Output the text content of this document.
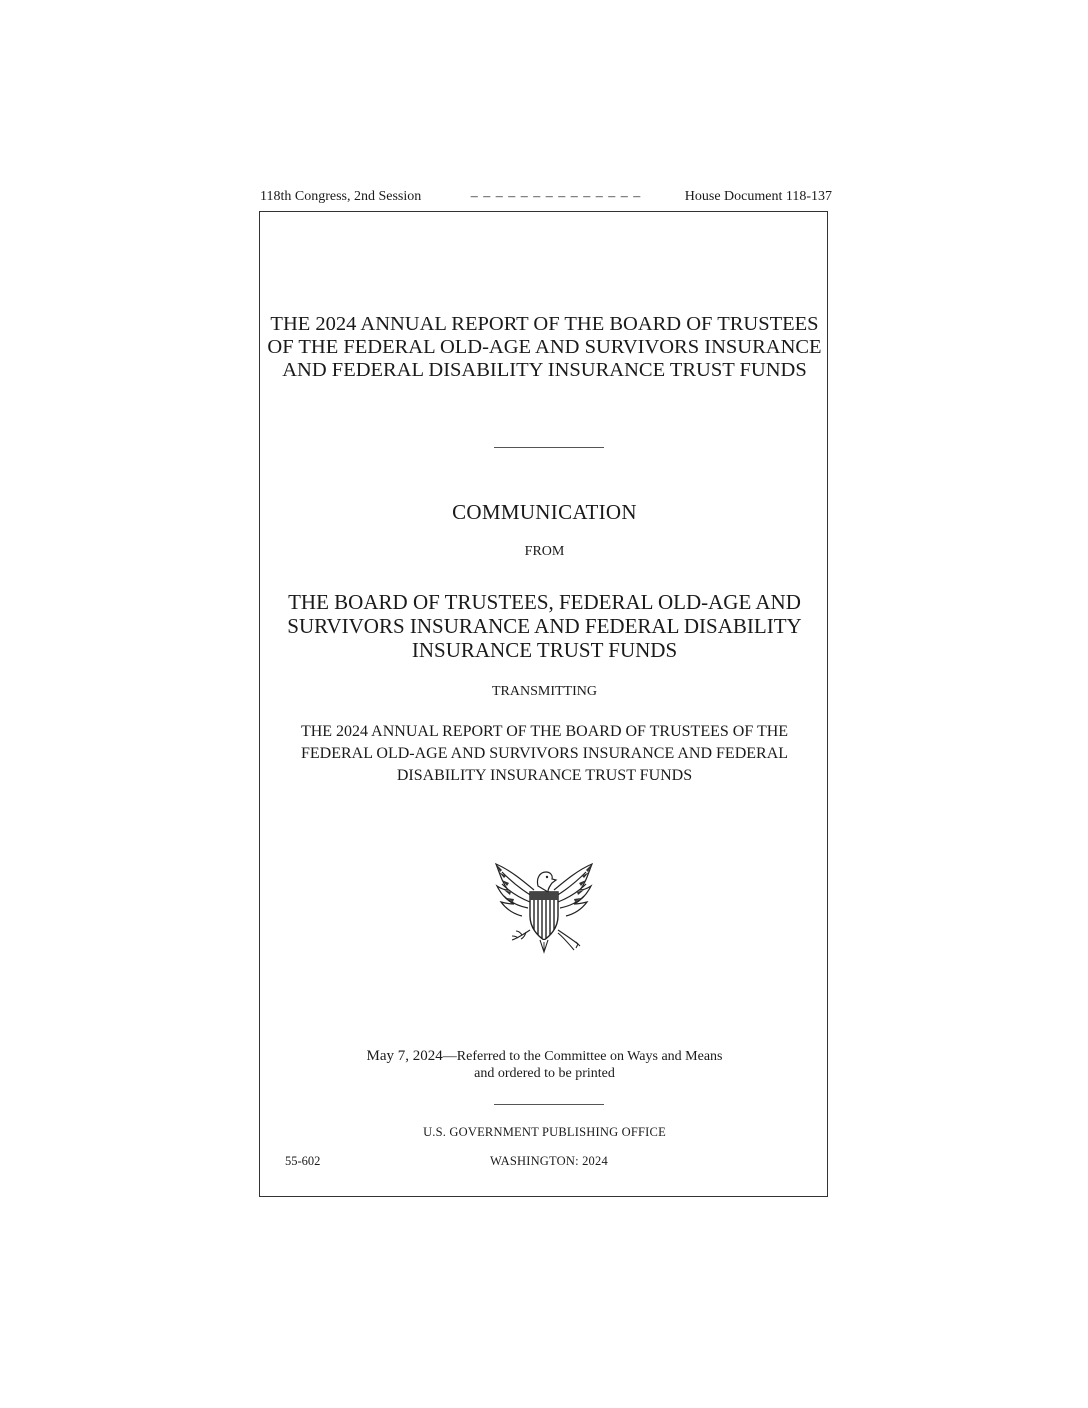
118th Congress, 2nd Session	– – – – – – – – – – – – – –	House Document 118-137
THE 2024 ANNUAL REPORT OF THE BOARD OF TRUSTEES OF THE FEDERAL OLD-AGE AND SURVIVORS INSURANCE AND FEDERAL DISABILITY INSURANCE TRUST FUNDS
COMMUNICATION
FROM
THE BOARD OF TRUSTEES, FEDERAL OLD-AGE AND SURVIVORS INSURANCE AND FEDERAL DISABILITY INSURANCE TRUST FUNDS
TRANSMITTING
THE 2024 ANNUAL REPORT OF THE BOARD OF TRUSTEES OF THE FEDERAL OLD-AGE AND SURVIVORS INSURANCE AND FEDERAL DISABILITY INSURANCE TRUST FUNDS
May 7, 2024—Referred to the Committee on Ways and Means
and ordered to be printed
U.S. GOVERNMENT PUBLISHING OFFICE
55-602	WASHINGTON: 2024
